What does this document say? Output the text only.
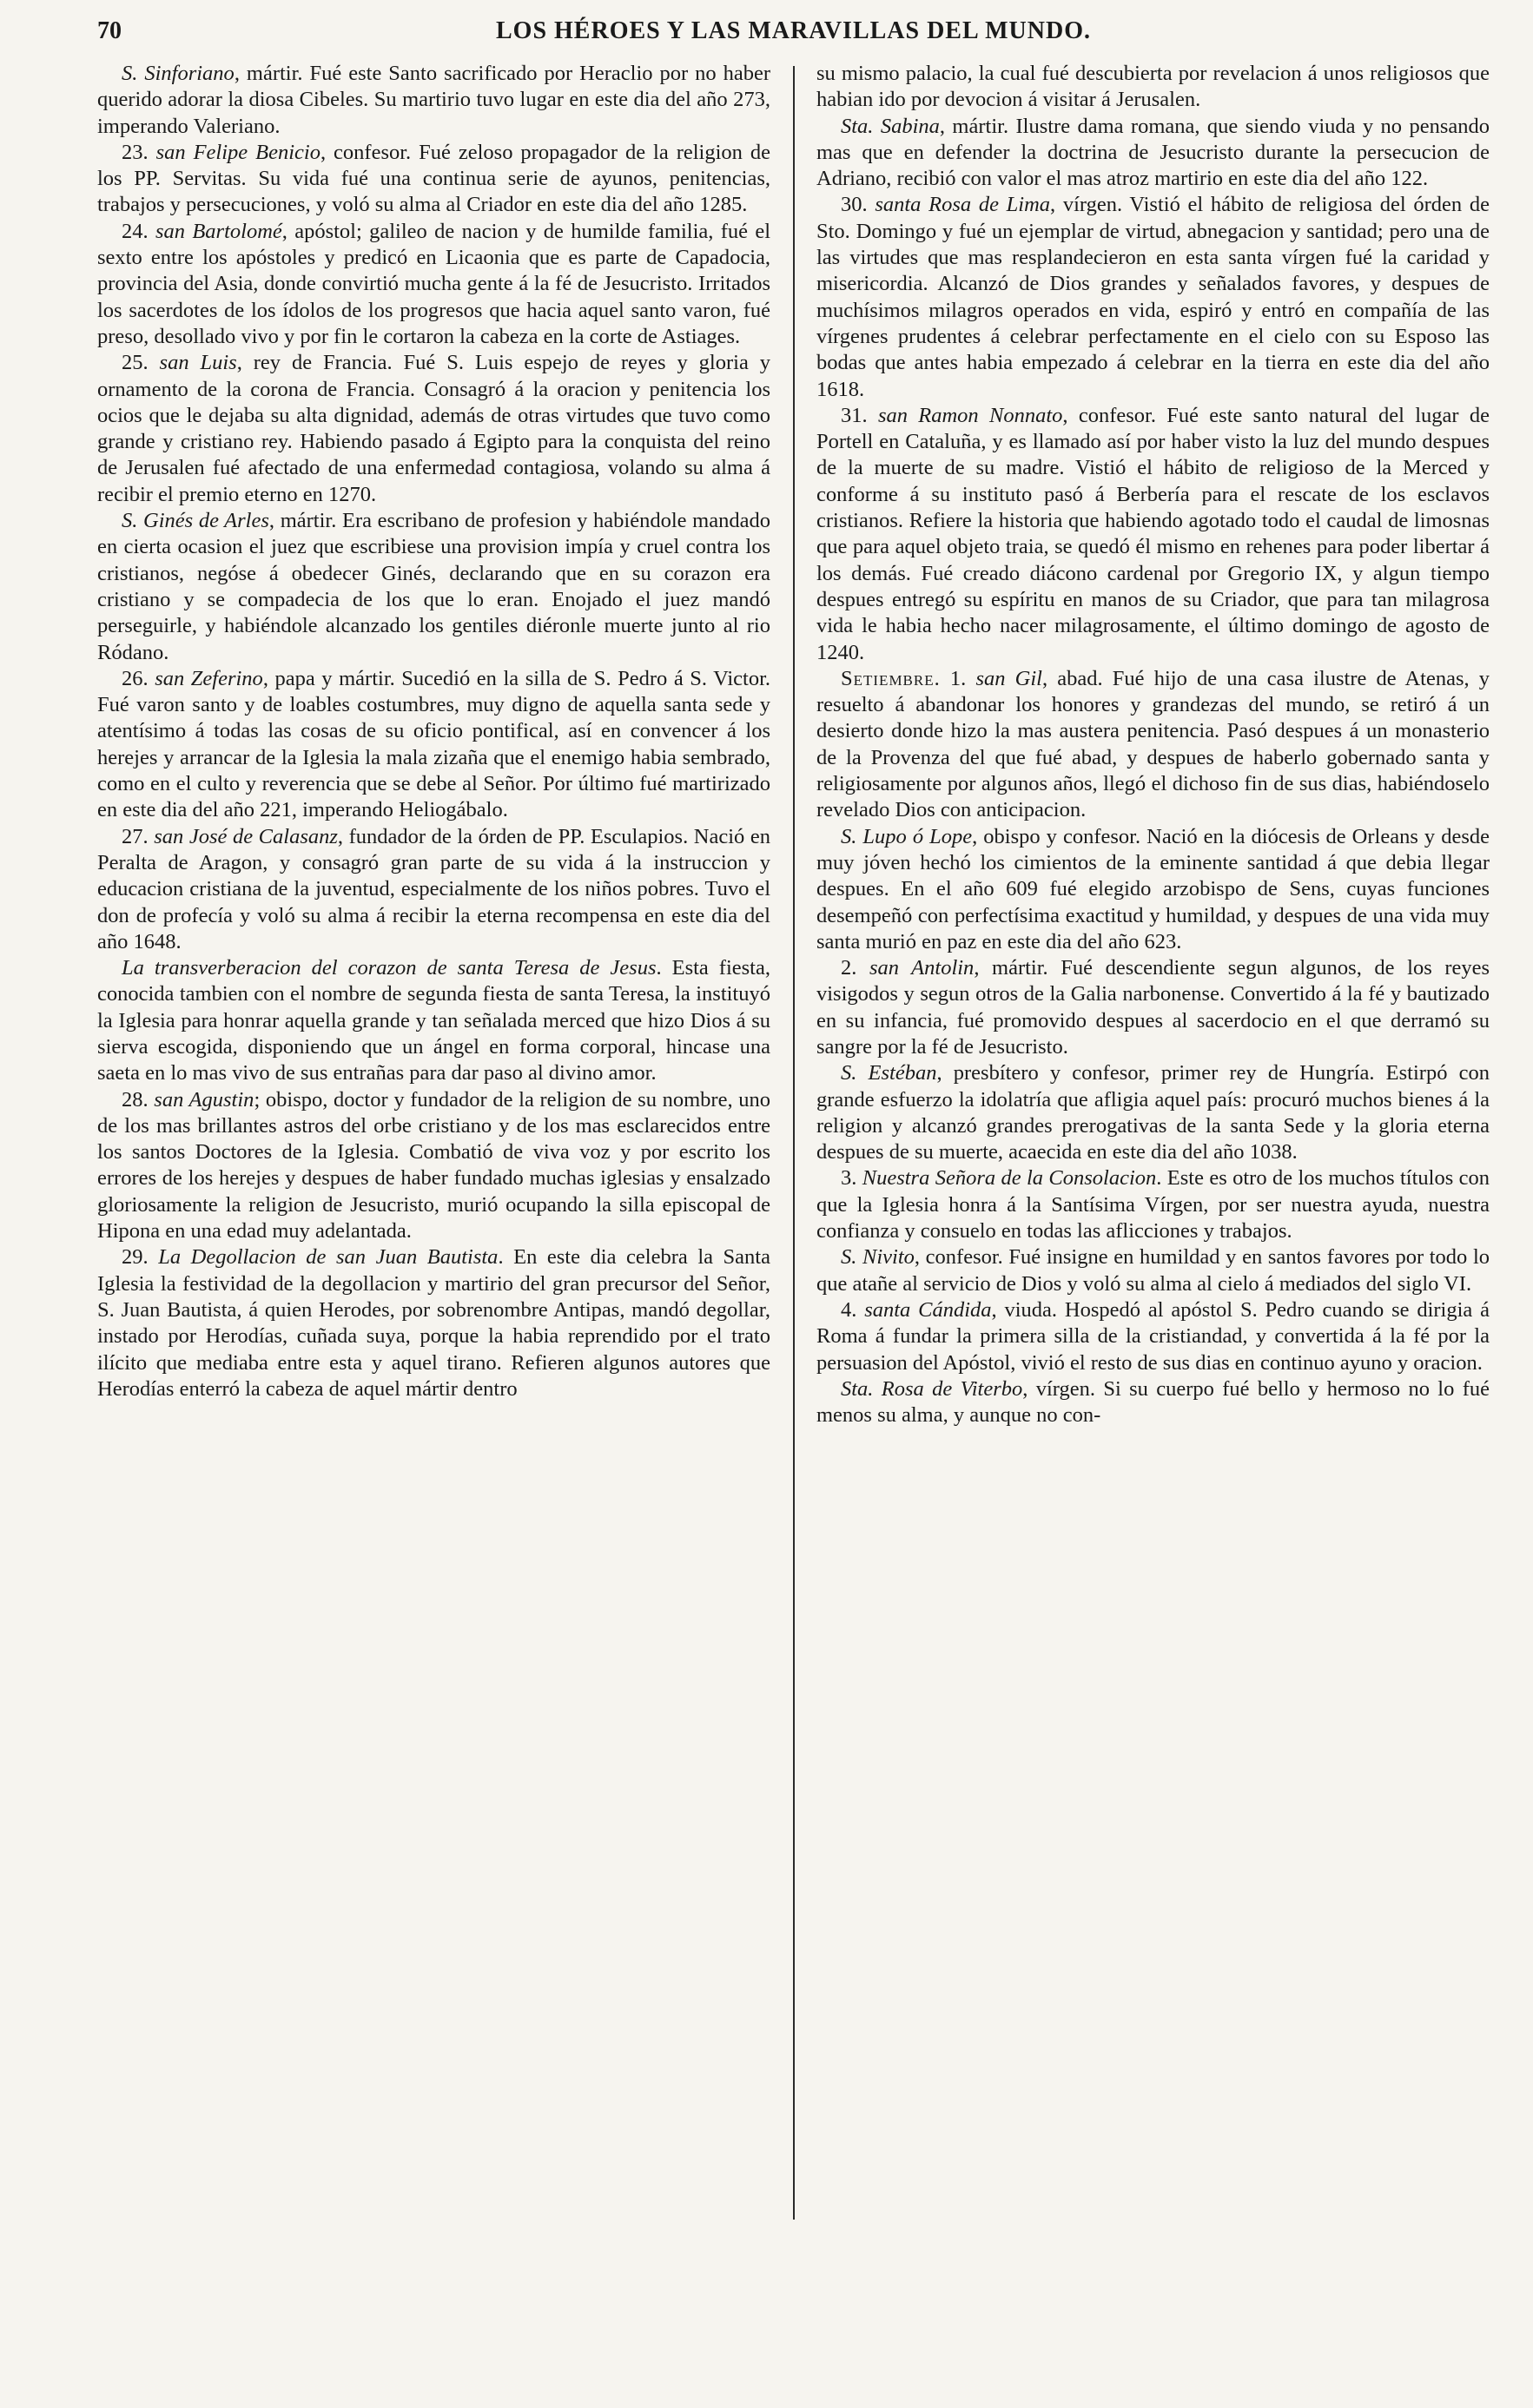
70	LOS HÉROES Y LAS MARAVILLAS DEL MUNDO.

S. Sinforiano, mártir. Fué este Santo sacrificado por Heraclio por no haber querido adorar la diosa Cibeles. Su martirio tuvo lugar en este dia del año 273, imperando Valeriano.

23. san Felipe Benicio, confesor. Fué zeloso propagador de la religion de los PP. Servitas. Su vida fué una continua serie de ayunos, penitencias, trabajos y persecuciones, y voló su alma al Criador en este dia del año 1285.

24. san Bartolomé, apóstol; galileo de nacion y de humilde familia, fué el sexto entre los apóstoles y predicó en Licaonia que es parte de Capadocia, provincia del Asia, donde convirtió mucha gente á la fé de Jesucristo. Irritados los sacerdotes de los ídolos de los progresos que hacia aquel santo varon, fué preso, desollado vivo y por fin le cortaron la cabeza en la corte de Astiages.

25. san Luis, rey de Francia. Fué S. Luis espejo de reyes y gloria y ornamento de la corona de Francia. Consagró á la oracion y penitencia los ocios que le dejaba su alta dignidad, además de otras virtudes que tuvo como grande y cristiano rey. Habiendo pasado á Egipto para la conquista del reino de Jerusalen fué afectado de una enfermedad contagiosa, volando su alma á recibir el premio eterno en 1270.

S. Ginés de Arles, mártir. Era escribano de profesion y habiéndole mandado en cierta ocasion el juez que escribiese una provision impía y cruel contra los cristianos, negóse á obedecer Ginés, declarando que en su corazon era cristiano y se compadecia de los que lo eran. Enojado el juez mandó perseguirle, y habiéndole alcanzado los gentiles diéronle muerte junto al rio Ródano.

26. san Zeferino, papa y mártir. Sucedió en la silla de S. Pedro á S. Victor. Fué varon santo y de loables costumbres, muy digno de aquella santa sede y atentísimo á todas las cosas de su oficio pontifical, así en convencer á los herejes y arrancar de la Iglesia la mala zizaña que el enemigo habia sembrado, como en el culto y reverencia que se debe al Señor. Por último fué martirizado en este dia del año 221, imperando Heliogábalo.

27. san José de Calasanz, fundador de la órden de PP. Esculapios. Nació en Peralta de Aragon, y consagró gran parte de su vida á la instruccion y educacion cristiana de la juventud, especialmente de los niños pobres. Tuvo el don de profecía y voló su alma á recibir la eterna recompensa en este dia del año 1648.

La transverberacion del corazon de santa Teresa de Jesus. Esta fiesta, conocida tambien con el nombre de segunda fiesta de santa Teresa, la instituyó la Iglesia para honrar aquella grande y tan señalada merced que hizo Dios á su sierva escogida, disponiendo que un ángel en forma corporal, hincase una saeta en lo mas vivo de sus entrañas para dar paso al divino amor.

28. san Agustin; obispo, doctor y fundador de la religion de su nombre, uno de los mas brillantes astros del orbe cristiano y de los mas esclarecidos entre los santos Doctores de la Iglesia. Combatió de viva voz y por escrito los errores de los herejes y despues de haber fundado muchas iglesias y ensalzado gloriosamente la religion de Jesucristo, murió ocupando la silla episcopal de Hipona en una edad muy adelantada.

29. La Degollacion de san Juan Bautista. En este dia celebra la Santa Iglesia la festividad de la degollacion y martirio del gran precursor del Señor, S. Juan Bautista, á quien Herodes, por sobrenombre Antipas, mandó degollar, instado por Herodías, cuñada suya, porque la habia reprendido por el trato ilícito que mediaba entre esta y aquel tirano. Refieren algunos autores que Herodías enterró la cabeza de aquel mártir dentro

su mismo palacio, la cual fué descubierta por revelacion á unos religiosos que habian ido por devocion á visitar á Jerusalen.

Sta. Sabina, mártir. Ilustre dama romana, que siendo viuda y no pensando mas que en defender la doctrina de Jesucristo durante la persecucion de Adriano, recibió con valor el mas atroz martirio en este dia del año 122.

30. santa Rosa de Lima, vírgen. Vistió el hábito de religiosa del órden de Sto. Domingo y fué un ejemplar de virtud, abnegacion y santidad; pero una de las virtudes que mas resplandecieron en esta santa vírgen fué la caridad y misericordia. Alcanzó de Dios grandes y señalados favores, y despues de muchísimos milagros operados en vida, espiró y entró en compañía de las vírgenes prudentes á celebrar perfectamente en el cielo con su Esposo las bodas que antes habia empezado á celebrar en la tierra en este dia del año 1618.

31. san Ramon Nonnato, confesor. Fué este santo natural del lugar de Portell en Cataluña, y es llamado así por haber visto la luz del mundo despues de la muerte de su madre. Vistió el hábito de religioso de la Merced y conforme á su instituto pasó á Berbería para el rescate de los esclavos cristianos. Refiere la historia que habiendo agotado todo el caudal de limosnas que para aquel objeto traia, se quedó él mismo en rehenes para poder libertar á los demás. Fué creado diácono cardenal por Gregorio IX, y algun tiempo despues entregó su espíritu en manos de su Criador, que para tan milagrosa vida le habia hecho nacer milagrosamente, el último domingo de agosto de 1240.

Setiembre. 1. san Gil, abad. Fué hijo de una casa ilustre de Atenas, y resuelto á abandonar los honores y grandezas del mundo, se retiró á un desierto donde hizo la mas austera penitencia. Pasó despues á un monasterio de la Provenza del que fué abad, y despues de haberlo gobernado santa y religiosamente por algunos años, llegó el dichoso fin de sus dias, habiéndoselo revelado Dios con anticipacion.

S. Lupo ó Lope, obispo y confesor. Nació en la diócesis de Orleans y desde muy jóven hechó los cimientos de la eminente santidad á que debia llegar despues. En el año 609 fué elegido arzobispo de Sens, cuyas funciones desempeñó con perfectísima exactitud y humildad, y despues de una vida muy santa murió en paz en este dia del año 623.

2. san Antolin, mártir. Fué descendiente segun algunos, de los reyes visigodos y segun otros de la Galia narbonense. Convertido á la fé y bautizado en su infancia, fué promovido despues al sacerdocio en el que derramó su sangre por la fé de Jesucristo.

S. Estéban, presbítero y confesor, primer rey de Hungría. Estirpó con grande esfuerzo la idolatría que afligia aquel país: procuró muchos bienes á la religion y alcanzó grandes prerogativas de la santa Sede y la gloria eterna despues de su muerte, acaecida en este dia del año 1038.

3. Nuestra Señora de la Consolacion. Este es otro de los muchos títulos con que la Iglesia honra á la Santísima Vírgen, por ser nuestra ayuda, nuestra confianza y consuelo en todas las aflicciones y trabajos.

S. Nivito, confesor. Fué insigne en humildad y en santos favores por todo lo que atañe al servicio de Dios y voló su alma al cielo á mediados del siglo VI.

4. santa Cándida, viuda. Hospedó al apóstol S. Pedro cuando se dirigia á Roma á fundar la primera silla de la cristiandad, y convertida á la fé por la persuasion del Apóstol, vivió el resto de sus dias en continuo ayuno y oracion.

Sta. Rosa de Viterbo, vírgen. Si su cuerpo fué bello y hermoso no lo fué menos su alma, y aunque no con-
